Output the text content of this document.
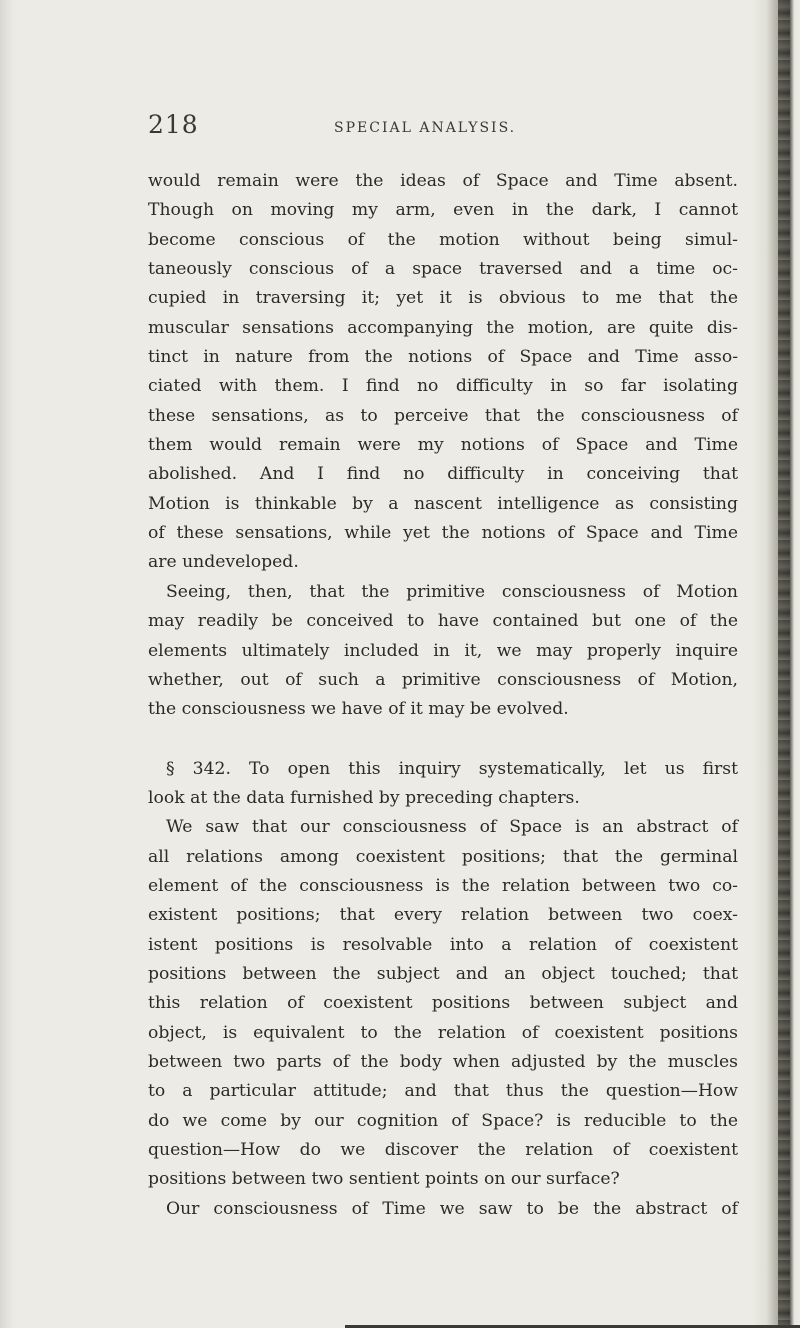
218	SPECIAL ANALYSIS.

would remain were the ideas of Space and Time absent.

Though on moving my arm, even in the dark, I cannot

become conscious of the motion without being simul-

taneously conscious of a space traversed and a time oc-

cupied in traversing it; yet it is obvious to me that the

muscular sensations accompanying the motion, are quite dis-

tinct in nature from the notions of Space and Time asso-

ciated with them. I find no difficulty in so far isolating

these sensations, as to perceive that the consciousness of

them would remain were my notions of Space and Time

abolished. And I find no difficulty in conceiving that

Motion is thinkable by a nascent intelligence as consisting

of these sensations, while yet the notions of Space and Time

are undeveloped.

Seeing, then, that the primitive consciousness of Motion

may readily be conceived to have contained but one of the

elements ultimately included in it, we may properly inquire

whether, out of such a primitive consciousness of Motion,

the consciousness we have of it may be evolved.

§ 342. To open this inquiry systematically, let us first

look at the data furnished by preceding chapters.

We saw that our consciousness of Space is an abstract of

all relations among coexistent positions; that the germinal

element of the consciousness is the relation between two co-

existent positions; that every relation between two coex-

istent positions is resolvable into a relation of coexistent

positions between the subject and an object touched; that

this relation of coexistent positions between subject and

object, is equivalent to the relation of coexistent positions

between two parts of the body when adjusted by the muscles

to a particular attitude; and that thus the question—How

do we come by our cognition of Space? is reducible to the

question—How do we discover the relation of coexistent

positions between two sentient points on our surface?

Our consciousness of Time we saw to be the abstract of
